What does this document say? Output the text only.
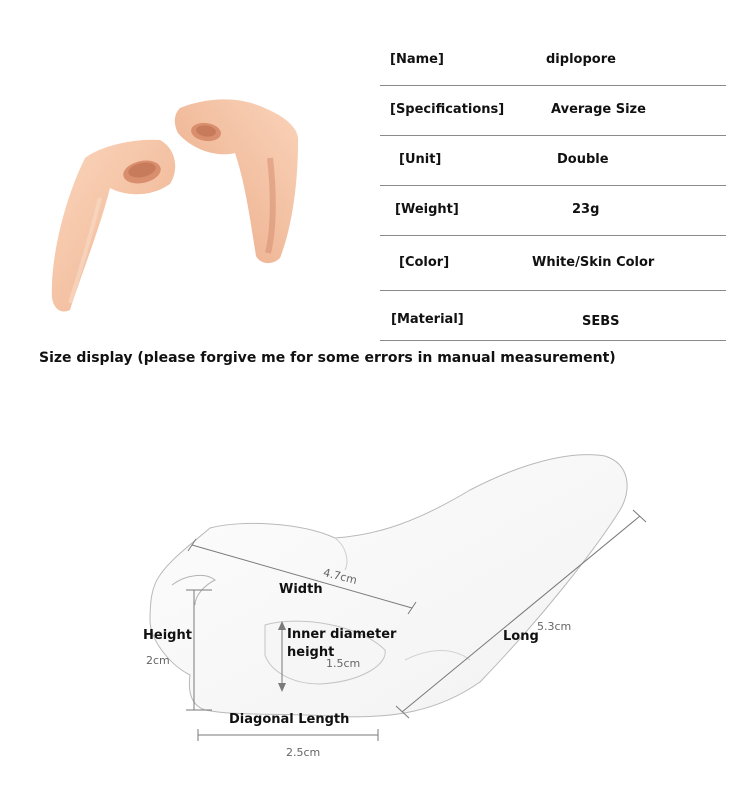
[Name]	diplopore
[Specifications]	Average Size
[Unit]	Double
[Weight]	23g
[Color]	White/Skin Color
[Material]	SEBS
Size display (please forgive me for some errors in manual measurement)
4.7cm
Width
Height
2cm
Inner diameter
height
1.5cm
Long
5.3cm
Diagonal Length
2.5cm
